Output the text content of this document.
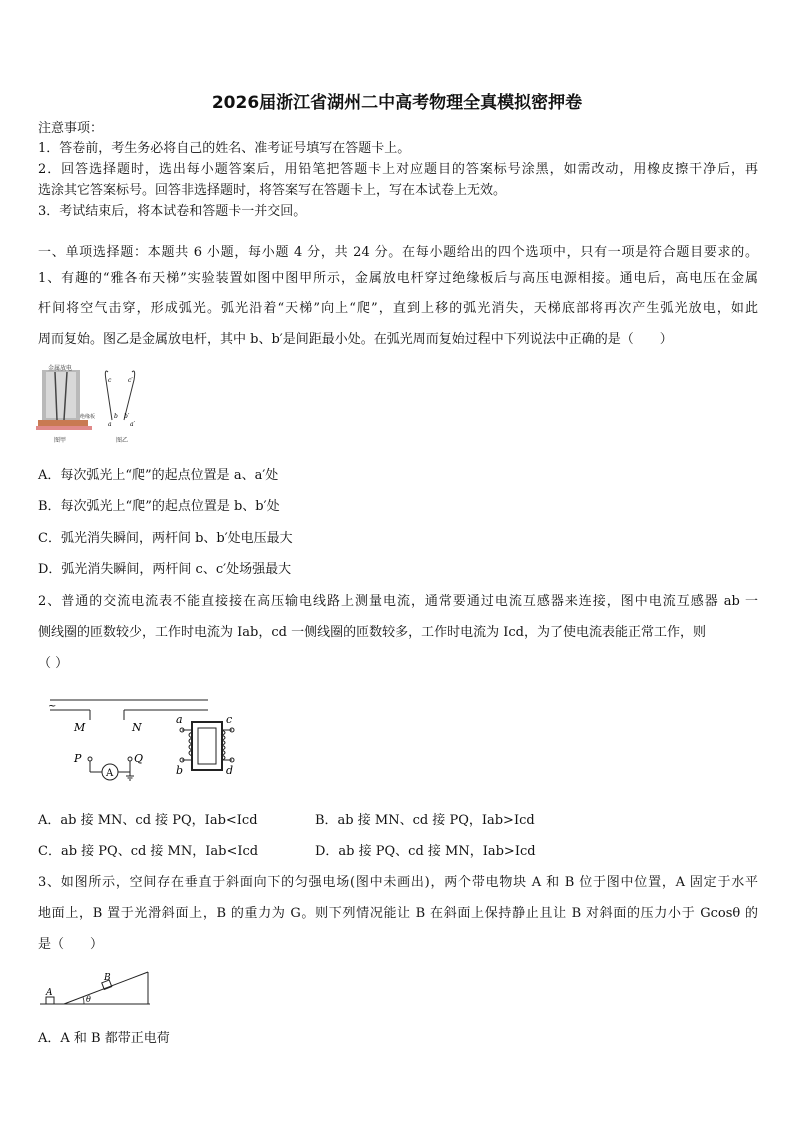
2026届浙江省湖州二中高考物理全真模拟密押卷
注意事项：
1．答卷前，考生务必将自己的姓名、准考证号填写在答题卡上。
2．回答选择题时，选出每小题答案后，用铅笔把答题卡上对应题目的答案标号涂黑，如需改动，用橡皮擦干净后，再
选涂其它答案标号。回答非选择题时，将答案写在答题卡上，写在本试卷上无效。
3．考试结束后，将本试卷和答题卡一并交回。
一、单项选择题：本题共 6 小题，每小题 4 分，共 24 分。在每小题给出的四个选项中，只有一项是符合题目要求的。
1、有趣的“雅各布天梯”实验装置如图中图甲所示，金属放电杆穿过绝缘板后与高压电源相接。通电后，高电压在金属
杆间将空气击穿，形成弧光。弧光沿着“天梯”向上“爬”，直到上移的弧光消失，天梯底部将再次产生弧光放电，如此
周而复始。图乙是金属放电杆，其中 b、b′是间距最小处。在弧光周而复始过程中下列说法中正确的是（　　）
金属放电
绝缘板
图甲
c	c′
b b′
a	a′
图乙
A．每次弧光上“爬”的起点位置是 a、a′处
B．每次弧光上“爬”的起点位置是 b、b′处
C．弧光消失瞬间，两杆间 b、b′处电压最大
D．弧光消失瞬间，两杆间 c、c′处场强最大
2、普通的交流电流表不能直接接在高压输电线路上测量电流，通常要通过电流互感器来连接，图中电流互感器 ab 一
侧线圈的匝数较少，工作时电流为 Iab，cd 一侧线圈的匝数较多，工作时电流为 Icd，为了使电流表能正常工作，则
（ ）
~
M	N
P	Q
A
a
b
c
d
A．ab 接 MN、cd 接 PQ，Iab<Icd	B．ab 接 MN、cd 接 PQ，Iab>Icd
C．ab 接 PQ、cd 接 MN，Iab<Icd	D．ab 接 PQ、cd 接 MN，Iab>Icd
3、如图所示，空间存在垂直于斜面向下的匀强电场(图中未画出)，两个带电物块 A 和 B 位于图中位置，A 固定于水平
地面上，B 置于光滑斜面上，B 的重力为 G。则下列情况能让 B 在斜面上保持静止且让 B 对斜面的压力小于 Gcosθ 的
是（　　）
A
B
θ
A．A 和 B 都带正电荷
